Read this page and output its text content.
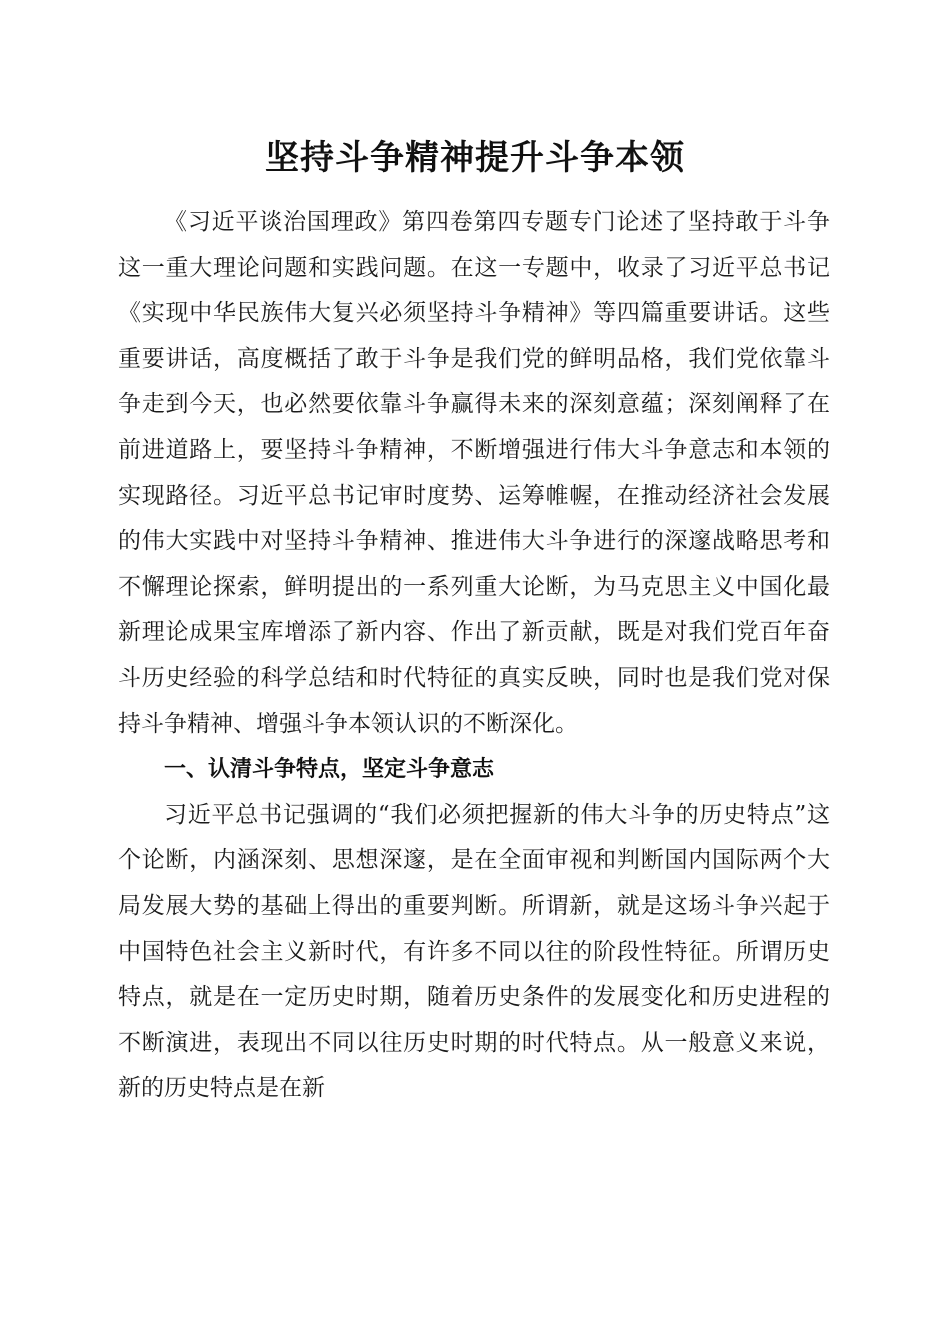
坚持斗争精神提升斗争本领

《习近平谈治国理政》第四卷第四专题专门论述了坚持敢于斗争这一重大理论问题和实践问题。在这一专题中，收录了习近平总书记《实现中华民族伟大复兴必须坚持斗争精神》等四篇重要讲话。这些重要讲话，高度概括了敢于斗争是我们党的鲜明品格，我们党依靠斗争走到今天，也必然要依靠斗争赢得未来的深刻意蕴；深刻阐释了在前进道路上，要坚持斗争精神，不断增强进行伟大斗争意志和本领的实现路径。习近平总书记审时度势、运筹帷幄，在推动经济社会发展的伟大实践中对坚持斗争精神、推进伟大斗争进行的深邃战略思考和不懈理论探索，鲜明提出的一系列重大论断，为马克思主义中国化最新理论成果宝库增添了新内容、作出了新贡献，既是对我们党百年奋斗历史经验的科学总结和时代特征的真实反映，同时也是我们党对保持斗争精神、增强斗争本领认识的不断深化。

一、认清斗争特点，坚定斗争意志

习近平总书记强调的“我们必须把握新的伟大斗争的历史特点”这个论断，内涵深刻、思想深邃，是在全面审视和判断国内国际两个大局发展大势的基础上得出的重要判断。所谓新，就是这场斗争兴起于中国特色社会主义新时代，有许多不同以往的阶段性特征。所谓历史特点，就是在一定历史时期，随着历史条件的发展变化和历史进程的不断演进，表现出不同以往历史时期的时代特点。从一般意义来说，新的历史特点是在新
